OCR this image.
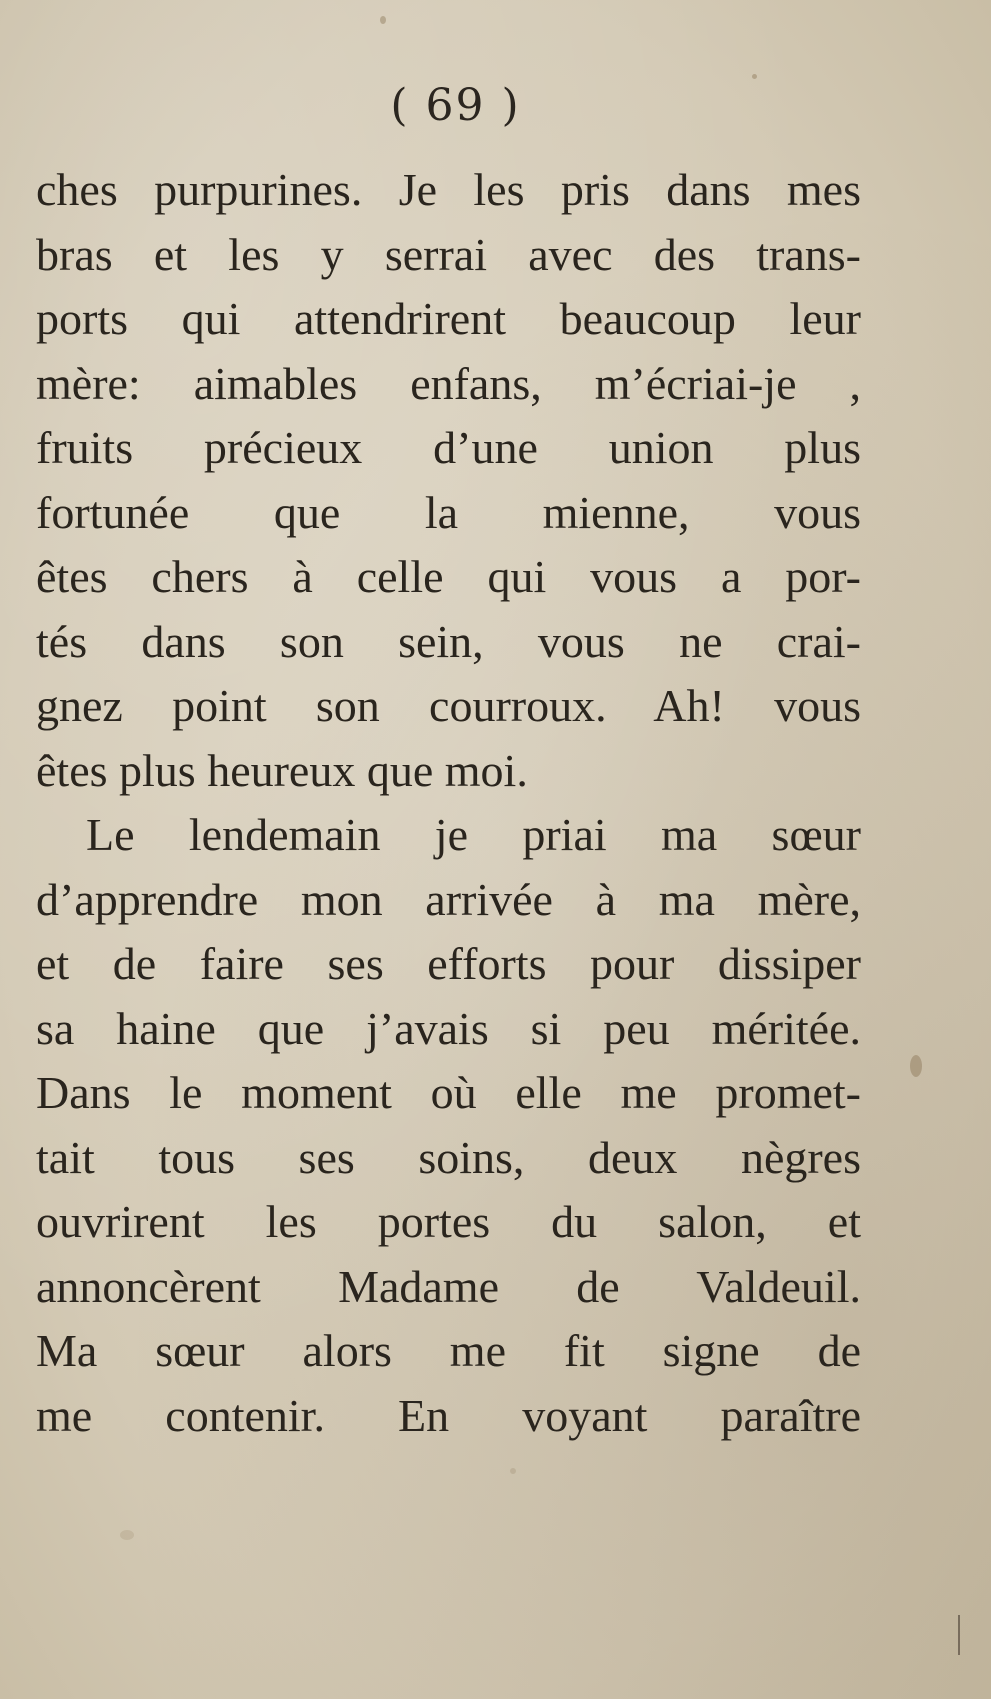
( 69 )
ches purpurines. Je les pris dans mes
bras et les y serrai avec des trans-
ports qui attendrirent beaucoup leur
mère: aimables enfans, m’écriai-je ,
fruits précieux d’une union plus
fortunée que la mienne, vous
êtes chers à celle qui vous a por-
tés dans son sein, vous ne crai-
gnez point son courroux. Ah! vous
êtes plus heureux que moi.
Le lendemain je priai ma sœur
d’apprendre mon arrivée à ma mère,
et de faire ses efforts pour dissiper
sa haine que j’avais si peu méritée.
Dans le moment où elle me promet-
tait tous ses soins, deux nègres
ouvrirent les portes du salon, et
annoncèrent Madame de Valdeuil.
Ma sœur alors me fit signe de
me contenir. En voyant paraître
